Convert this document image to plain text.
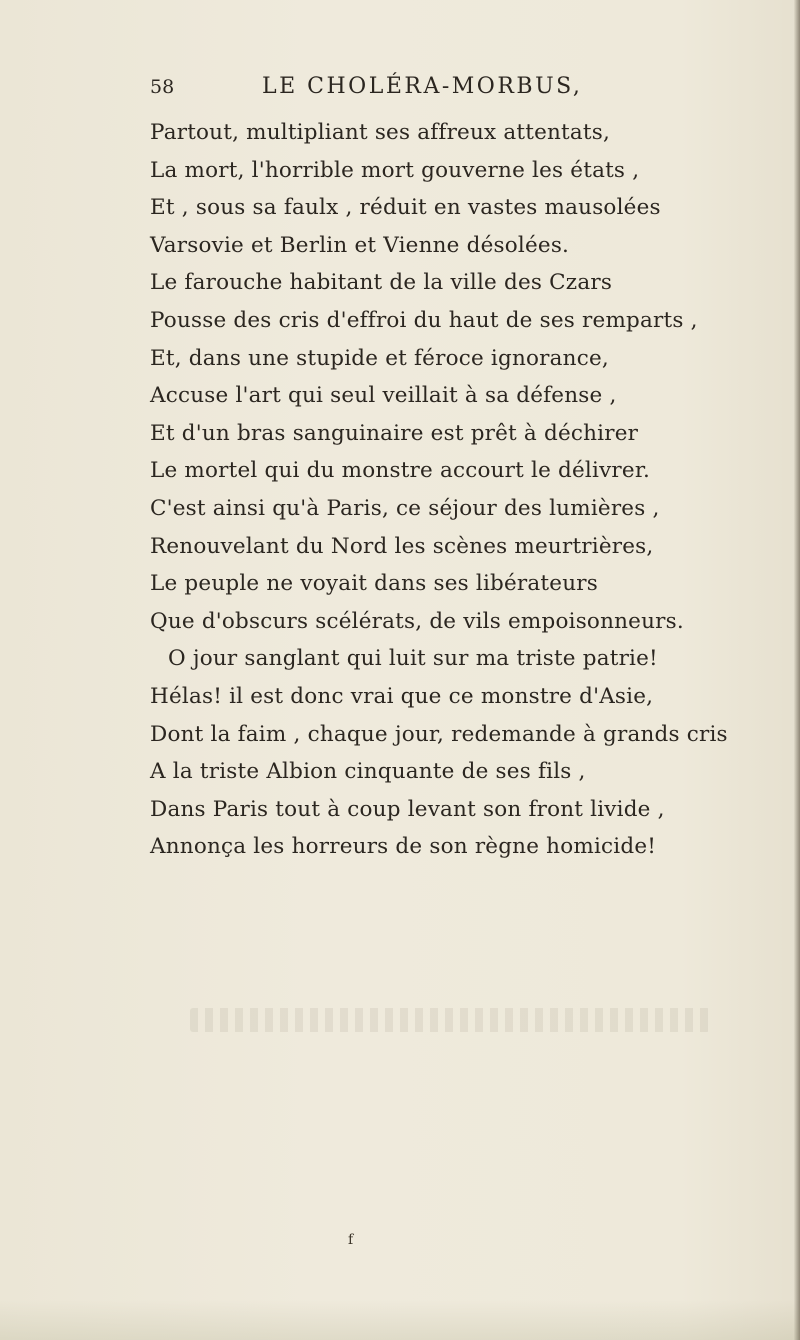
58	LE CHOLÉRA-MORBUS,
Partout, multipliant ses affreux attentats,
La mort, l'horrible mort gouverne les états ,
Et , sous sa faulx , réduit en vastes mausolées
Varsovie et Berlin et Vienne désolées.
Le farouche habitant de la ville des Czars
Pousse des cris d'effroi du haut de ses remparts ,
Et, dans une stupide et féroce ignorance,
Accuse l'art qui seul veillait à sa défense ,
Et d'un bras sanguinaire est prêt à déchirer
Le mortel qui du monstre accourt le délivrer.
C'est ainsi qu'à Paris, ce séjour des lumières ,
Renouvelant du Nord les scènes meurtrières,
Le peuple ne voyait dans ses libérateurs
Que d'obscurs scélérats, de vils empoisonneurs.
O jour sanglant qui luit sur ma triste patrie!
Hélas! il est donc vrai que ce monstre d'Asie,
Dont la faim , chaque jour, redemande à grands cris
A la triste Albion cinquante de ses fils ,
Dans Paris tout à coup levant son front livide ,
Annonça les horreurs de son règne homicide!
f
